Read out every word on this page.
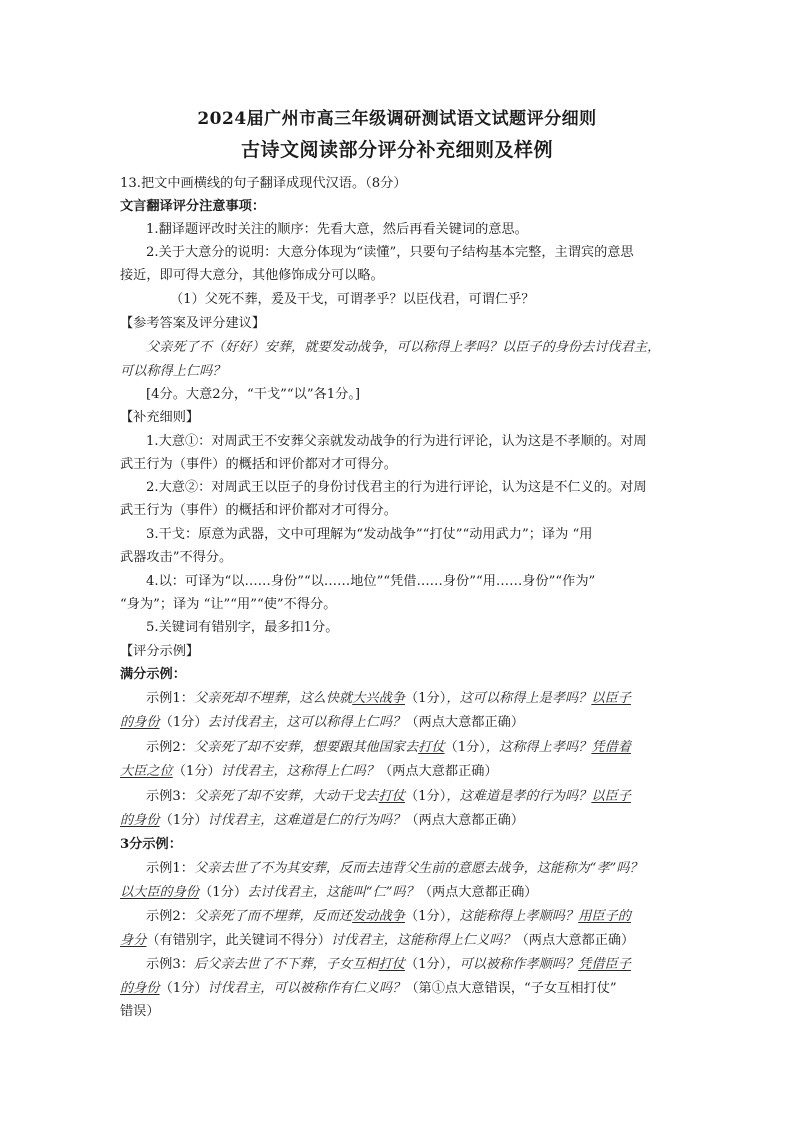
2024届广州市高三年级调研测试语文试题评分细则
古诗文阅读部分评分补充细则及样例
13.把文中画横线的句子翻译成现代汉语。（8分）
文言翻译评分注意事项：
1.翻译题评改时关注的顺序：先看大意，然后再看关键词的意思。
2.关于大意分的说明：大意分体现为“读懂”，只要句子结构基本完整，主谓宾的意思
接近，即可得大意分，其他修饰成分可以略。
（1）父死不葬，爰及干戈，可谓孝乎？以臣伐君，可谓仁乎？
【参考答案及评分建议】
父亲死了不（好好）安葬，就要发动战争，可以称得上孝吗？以臣子的身份去讨伐君主，
可以称得上仁吗？
[4分。大意2分，“干戈”“以”各1分。]
【补充细则】
1.大意①：对周武王不安葬父亲就发动战争的行为进行评论，认为这是不孝顺的。对周
武王行为（事件）的概括和评价都对才可得分。
2.大意②：对周武王以臣子的身份讨伐君主的行为进行评论，认为这是不仁义的。对周
武王行为（事件）的概括和评价都对才可得分。
3.干戈：原意为武器，文中可理解为“发动战争”“打仗”“动用武力”；译为 “用
武器攻击”不得分。
4.以：可译为“以……身份”“以……地位”“凭借……身份”“用……身份”“作为”
“身为”；译为 “让”“用”“使”不得分。
5.关键词有错别字，最多扣1分。
【评分示例】
满分示例：
示例1：父亲死却不埋葬，这么快就大兴战争（1分），这可以称得上是孝吗？以臣子
的身份（1分）去讨伐君主，这可以称得上仁吗？（两点大意都正确）
示例2：父亲死了却不安葬，想要跟其他国家去打仗（1分），这称得上孝吗？凭借着
大臣之位（1分）讨伐君主，这称得上仁吗？（两点大意都正确）
示例3：父亲死了却不安葬，大动干戈去打仗（1分），这难道是孝的行为吗？以臣子
的身份（1分）讨伐君主，这难道是仁的行为吗？（两点大意都正确）
3分示例：
示例1：父亲去世了不为其安葬，反而去违背父生前的意愿去战争，这能称为“孝”吗？
以大臣的身份（1分）去讨伐君主，这能叫“仁”吗？（两点大意都正确）
示例2：父亲死了而不埋葬，反而还发动战争（1分），这能称得上孝顺吗？用臣子的
身分（有错别字，此关键词不得分）讨伐君主，这能称得上仁义吗？（两点大意都正确）
示例3：后父亲去世了不下葬，子女互相打仗（1分），可以被称作孝顺吗？凭借臣子
的身份（1分）讨伐君主，可以被称作有仁义吗？（第①点大意错误，“子女互相打仗”
错误）
